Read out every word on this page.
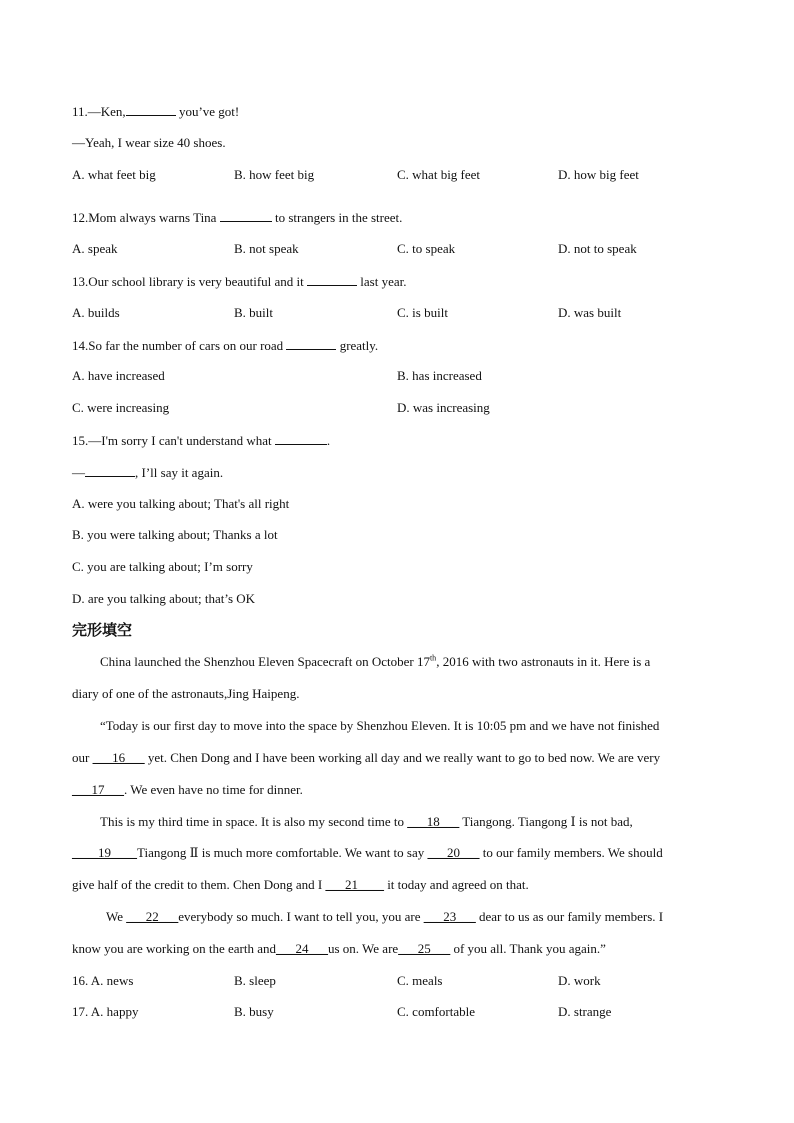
11.—Ken,	you’ve got!
—Yeah, I wear size 40 shoes.
A. what feet big	B. how feet big	C. what big feet	D. how big feet
12.Mom always warns Tina	to strangers in the street.
A. speak	B. not speak	C. to speak	D. not to speak
13.Our school library is very beautiful and it	last year.
A. builds	B. built	C. is built	D. was built
14.So far the number of cars on our road	greatly.
A. have increased	B. has increased
C. were increasing	D. was increasing
15.—I'm sorry I can't understand what	.
—	, I’ll say it again.
A. were you talking about; That's all right
B. you were talking about; Thanks a lot
C. you are talking about; I’m sorry
D. are you talking about; that’s OK
完形填空
China launched the Shenzhou Eleven Spacecraft on October 17th, 2016 with two astronauts in it. Here is a
diary of one of the astronauts,Jing Haipeng.
“Today is our first day to move into the space by Shenzhou Eleven. It is 10:05 pm and we have not finished
our ___16___ yet. Chen Dong and I have been working all day and we really want to go to bed now. We are very
___17___. We even have no time for dinner.
This is my third time in space. It is also my second time to ___18___ Tiangong. Tiangong Ⅰ is not bad,
____19____Tiangong Ⅱ is much more comfortable. We want to say ___20___ to our family members. We should
give half of the credit to them. Chen Dong and I ___21____ it today and agreed on that.
We ___22___everybody so much. I want to tell you, you are ___23___ dear to us as our family members. I
know you are working on the earth and___24___us on. We are___25___ of you all. Thank you again.”
16. A. news	B. sleep	C. meals	D. work
17. A. happy	B. busy	C. comfortable	D. strange
